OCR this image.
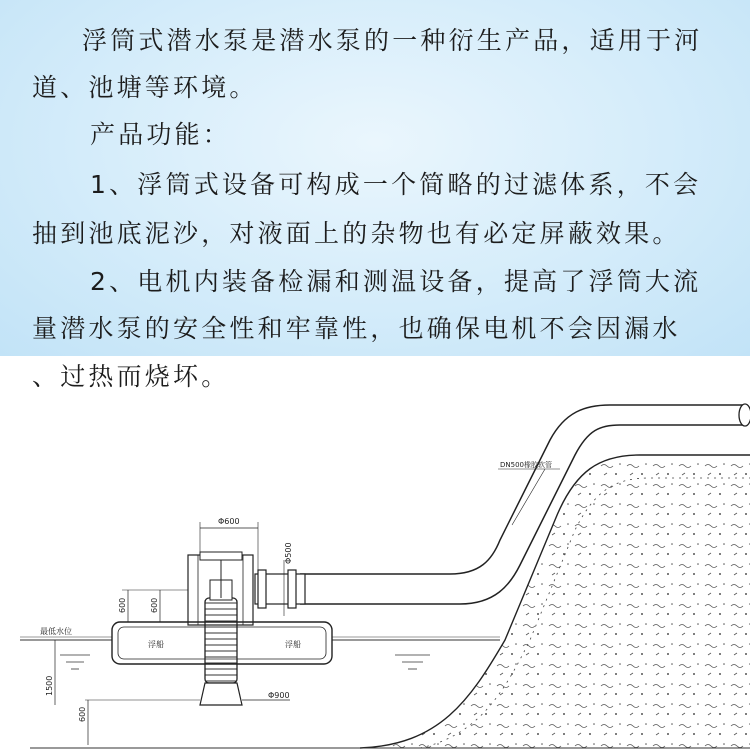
浮筒式潜水泵是潜水泵的一种衍生产品，适用于河
道、池塘等环境。
产品功能：
1、浮筒式设备可构成一个简略的过滤体系，不会
抽到池底泥沙，对液面上的杂物也有必定屏蔽效果。
2、电机内装备检漏和测温设备，提高了浮筒大流
量潜水泵的安全性和牢靠性，也确保电机不会因漏水
最低水位
DN500橡胶软管
浮船	浮船
Φ600
Φ500
600	600
1500
600
Φ900
、过热而烧坏。
